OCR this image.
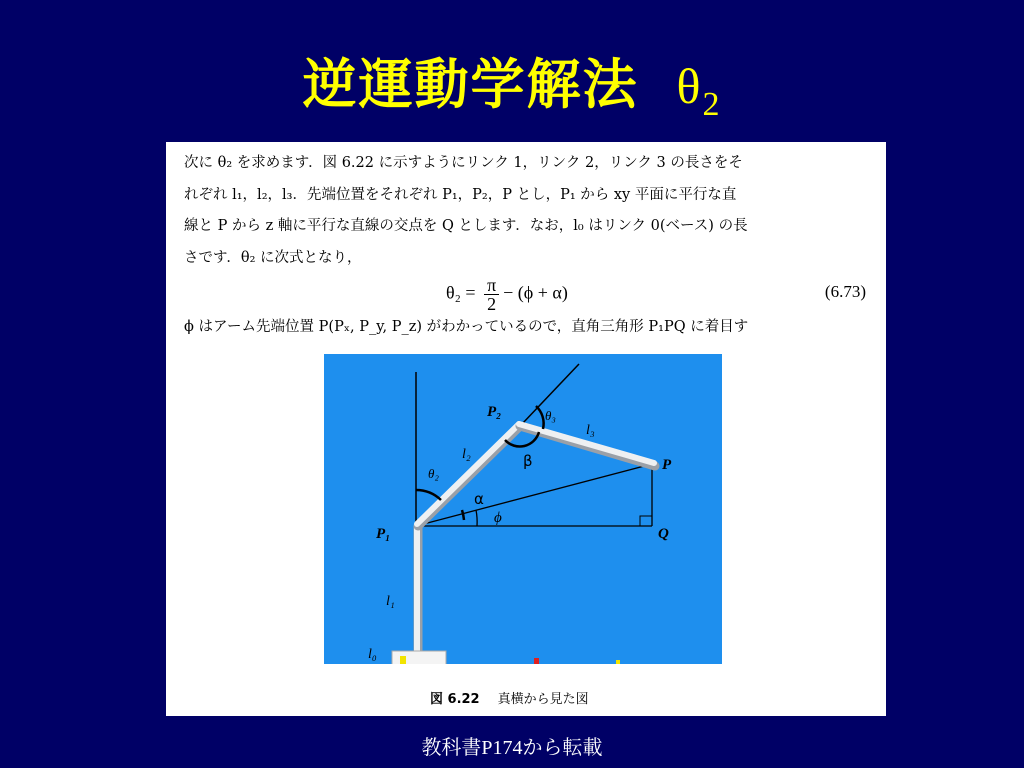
逆運動学解法 $\theta_2$
次に θ₂ を求めます．図 6.22 に示すようにリンク 1，リンク 2，リンク 3 の長さをそ
れぞれ l₁，l₂，l₃．先端位置をそれぞれ P₁，P₂，P とし，P₁ から xy 平面に平行な直
線と P から z 軸に平行な直線の交点を Q とします．なお，l₀ はリンク 0(ベース) の長
さです．θ₂ に次式となり，
$\theta_2 = \frac{\pi}{2} - (\phi + \alpha)$	(6.73)
ϕ はアーム先端位置 P(Pₓ, P_y, P_z) がわかっているので，直角三角形 P₁PQ に着目す
P₂	θ₃
l₃
l₂	β	P
θ₂
α
ϕ
P₁	Q
l₁
l₀
図 6.22 真横から見た図
教科書P174から転載
